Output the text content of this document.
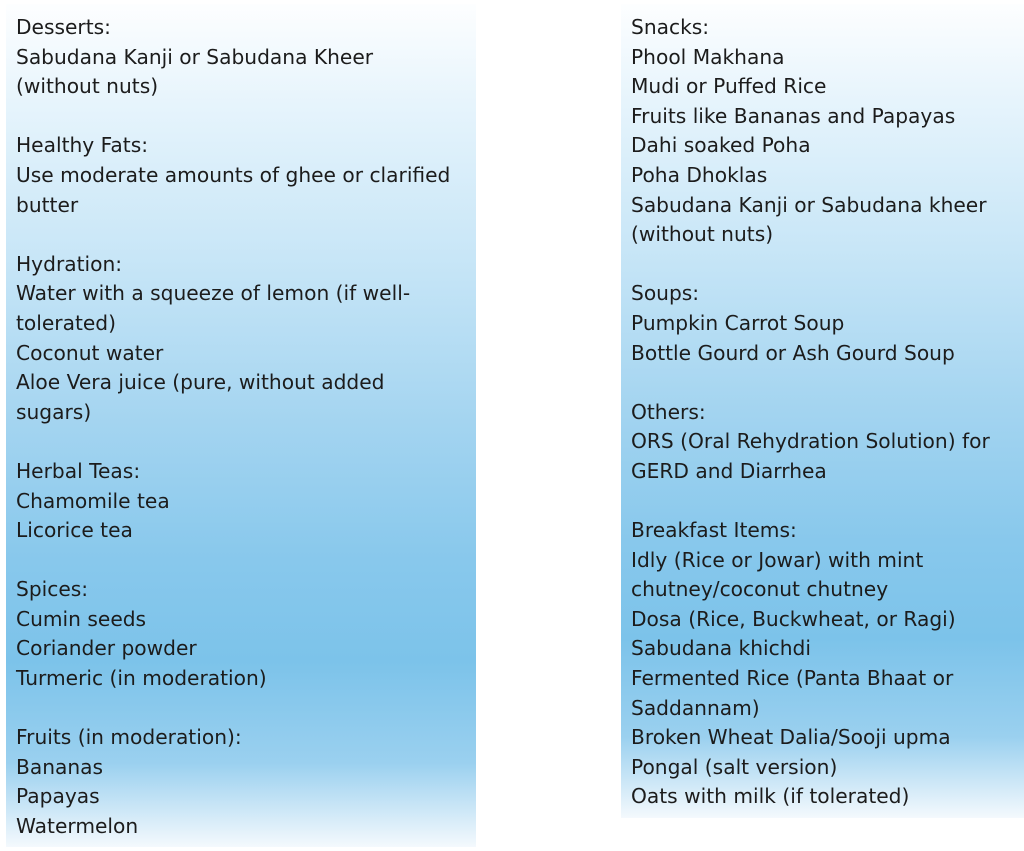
Desserts:
Sabudana Kanji or Sabudana Kheer
(without nuts)
Healthy Fats:
Use moderate amounts of ghee or clarified
butter
Hydration:
Water with a squeeze of lemon (if well-
tolerated)
Coconut water
Aloe Vera juice (pure, without added
sugars)
Herbal Teas:
Chamomile tea
Licorice tea
Spices:
Cumin seeds
Coriander powder
Turmeric (in moderation)
Fruits (in moderation):
Bananas
Papayas
Watermelon
Snacks:
Phool Makhana
Mudi or Puffed Rice
Fruits like Bananas and Papayas
Dahi soaked Poha
Poha Dhoklas
Sabudana Kanji or Sabudana kheer
(without nuts)
Soups:
Pumpkin Carrot Soup
Bottle Gourd or Ash Gourd Soup
Others:
ORS (Oral Rehydration Solution) for
GERD and Diarrhea
Breakfast Items:
Idly (Rice or Jowar) with mint
chutney/coconut chutney
Dosa (Rice, Buckwheat, or Ragi)
Sabudana khichdi
Fermented Rice (Panta Bhaat or
Saddannam)
Broken Wheat Dalia/Sooji upma
Pongal (salt version)
Oats with milk (if tolerated)
